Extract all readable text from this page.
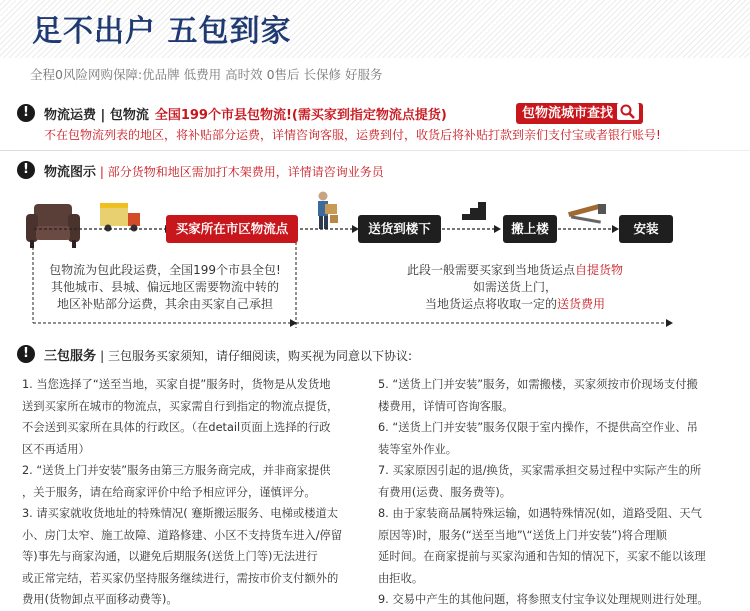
足不出户 五包到家
全程0风险网购保障:优品牌 低费用 高时效 0售后 长保修 好服务
!	物流运费 | 包物流 全国199个市县包物流!(需买家到指定物流点提货)	包物流城市查找
不在包物流列表的地区，将补贴部分运费，详情咨询客服，运费到付，收货后将补贴打款到亲们支付宝或者银行账号!
!	物流图示 | 部分货物和地区需加打木架费用，详情请咨询业务员
买家所在市区物流点	送货到楼下	搬上楼	安装
包物流为包此段运费，全国199个市县全包!
其他城市、县城、偏远地区需要物流中转的
地区补贴部分运费，其余由买家自己承担
此段一般需要买家到当地货运点自提货物
如需送货上门，
当地货运点将收取一定的送货费用
!	三包服务 | 三包服务买家须知，请仔细阅读，购买视为同意以下协议:

1. 当您选择了“送至当地，买家自提”服务时，货物是从发货地

送到买家所在城市的物流点，买家需自行到指定的物流点提货，

不会送到买家所在具体的行政区。（在detail页面上选择的行政

区不再适用）

2. “送货上门并安装”服务由第三方服务商完成，并非商家提供

，关于服务，请在给商家评价中给予相应评分，谨慎评分。

3. 请买家就收货地址的特殊情况( 蹇斯搬运服务、电梯或楼道太

小、房门太窄、施工故障、道路修建、小区不支持货车进入/停留

等)事先与商家沟通，以避免后期服务(送货上门等)无法进行

或正常完结，若买家仍坚持服务继续进行，需按市价支付额外的

费用(货物卸点平面移动费等)。

5. “送货上门并安装”服务，如需搬楼，买家须按市价现场支付搬

楼费用，详情可咨询客服。

6. “送货上门并安装”服务仅限于室内操作，不提供高空作业、吊

装等室外作业。

7. 买家原因引起的退/换货，买家需承担交易过程中实际产生的所

有费用(运费、服务费等)。

8. 由于家装商品属特殊运输，如遇特殊情况(如，道路受阻、天气

原因等)时，服务(“送至当地”\“送货上门并安装”)将合理顺

延时间。在商家提前与买家沟通和告知的情况下，买家不能以该理

由拒收。

9. 交易中产生的其他问题，将参照支付宝争议处理规则进行处理。
